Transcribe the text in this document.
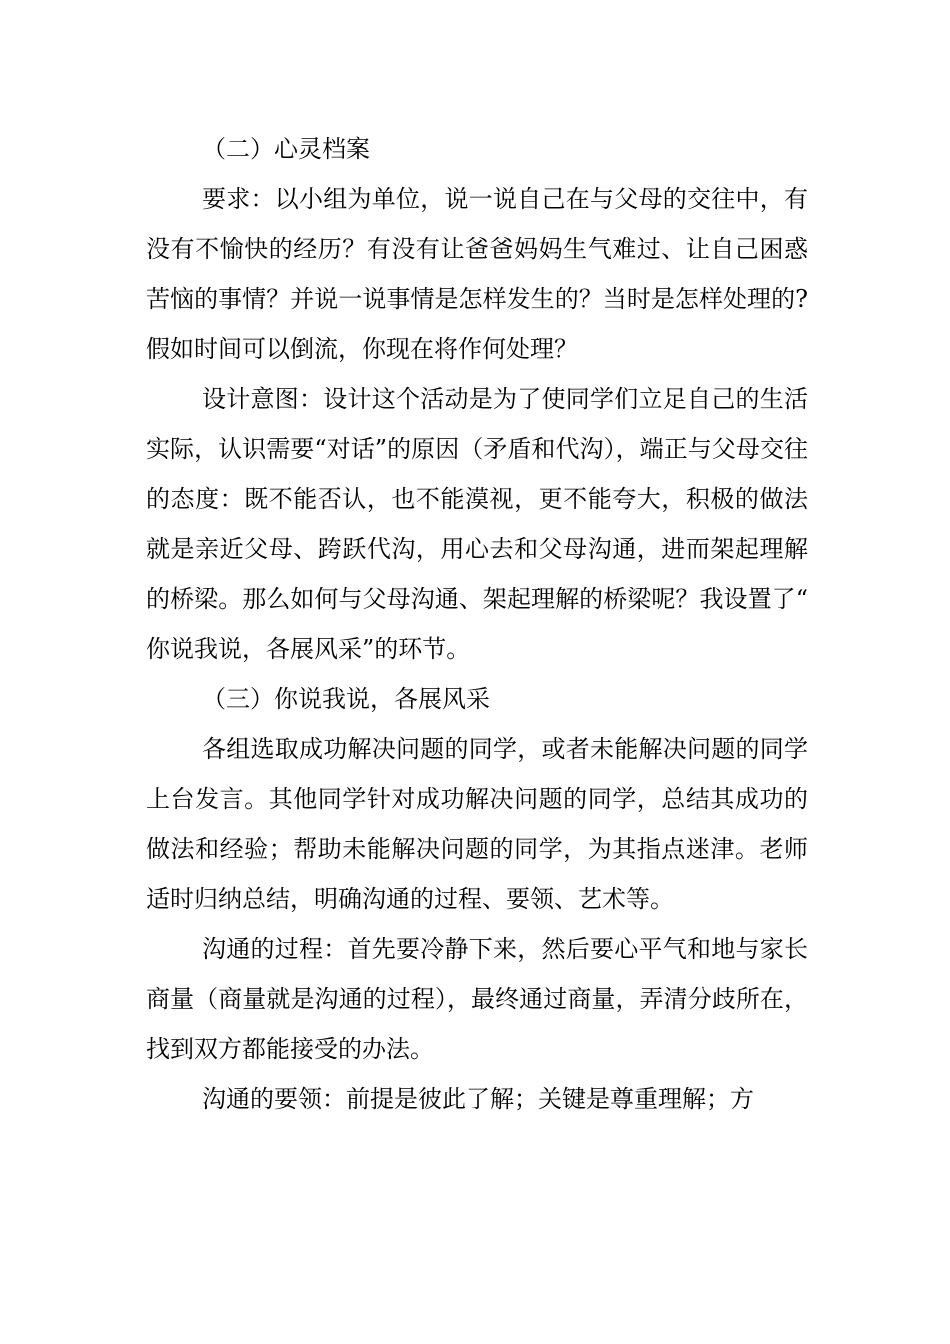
（二）心灵档案

要求：以小组为单位，说一说自己在与父母的交往中，有没有不愉快的经历？有没有让爸爸妈妈生气难过、让自己困惑苦恼的事情？并说一说事情是怎样发生的？当时是怎样处理的?假如时间可以倒流，你现在将作何处理？

设计意图：设计这个活动是为了使同学们立足自己的生活实际，认识需要“对话”的原因（矛盾和代沟），端正与父母交往的态度：既不能否认，也不能漠视，更不能夸大，积极的做法就是亲近父母、跨跃代沟，用心去和父母沟通，进而架起理解的桥梁。那么如何与父母沟通、架起理解的桥梁呢？我设置了“你说我说，各展风采”的环节。

（三）你说我说，各展风采

各组选取成功解决问题的同学，或者未能解决问题的同学上台发言。其他同学针对成功解决问题的同学，总结其成功的做法和经验；帮助未能解决问题的同学，为其指点迷津。老师适时归纳总结，明确沟通的过程、要领、艺术等。

沟通的过程：首先要冷静下来，然后要心平气和地与家长商量（商量就是沟通的过程），最终通过商量，弄清分歧所在，找到双方都能接受的办法。

沟通的要领：前提是彼此了解；关键是尊重理解；方
